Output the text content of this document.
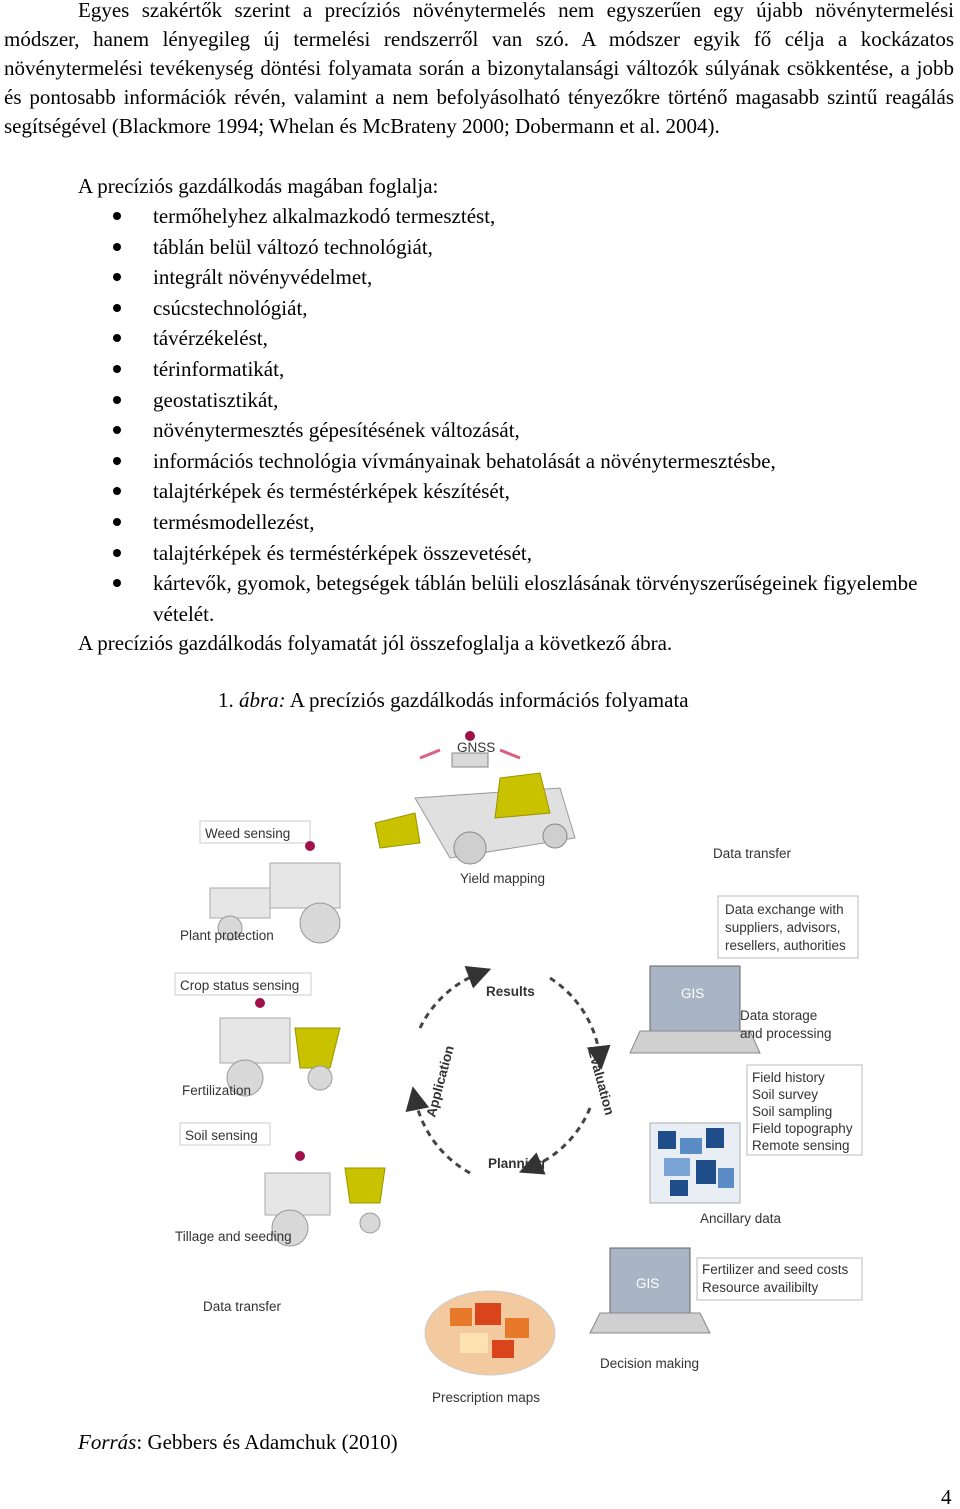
Egyes szakértők szerint a precíziós növénytermelés nem egyszerűen egy újabb növénytermelési módszer, hanem lényegileg új termelési rendszerről van szó. A módszer egyik fő célja a kockázatos növénytermelési tevékenység döntési folyamata során a bizonytalansági változók súlyának csökkentése, a jobb és pontosabb információk révén, valamint a nem befolyásolható tényezőkre történő magasabb szintű reagálás segítségével (Blackmore 1994; Whelan és McBrateny 2000; Dobermann et al. 2004).

A precíziós gazdálkodás magában foglalja:

termőhelyhez alkalmazkodó termesztést,
táblán belül változó technológiát,
integrált növényvédelmet,
csúcstechnológiát,
távérzékelést,
térinformatikát,
geostatisztikát,
növénytermesztés gépesítésének változását,
információs technológia vívmányainak behatolását a növénytermesztésbe,
talajtérképek és terméstérképek készítését,
termésmodellezést,
talajtérképek és terméstérképek összevetését,
kártevők, gyomok, betegségek táblán belüli eloszlásának törvényszerűségeinek figyelembe vételét.

A precíziós gazdálkodás folyamatát jól összefoglalja a következő ábra.

1. ábra: A precíziós gazdálkodás információs folyamata
Results
Evaluation
Planning
Application
GNSS
Weed sensing
Yield mapping
Data transfer
Plant protection
Data exchange with
suppliers, advisors,
resellers, authorities
Crop status sensing
GIS
Data storage
and processing
Fertilization
Field history
Soil survey
Soil sampling
Field topography
Remote sensing
Soil sensing
Ancillary data
Tillage and seeding
Fertilizer and seed costs
Resource availibilty
GIS
Decision making
Data transfer
Prescription maps
Forrás: Gebbers és Adamchuk (2010)
4
